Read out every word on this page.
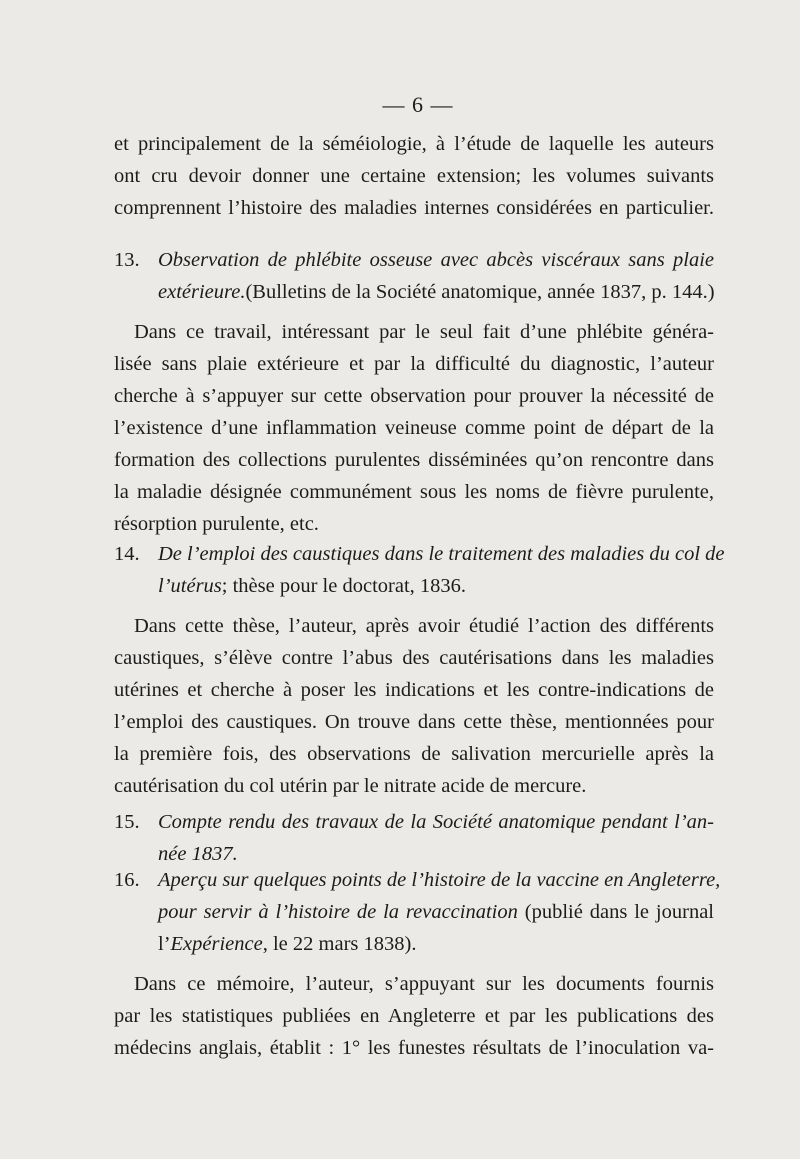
— 6 —
et principalement de la séméiologie, à l’étude de laquelle les auteurs
ont cru devoir donner une certaine extension; les volumes suivants
comprennent l’histoire des maladies internes considérées en particulier.
13. Observation de phlébite osseuse avec abcès viscéraux sans plaie
extérieure.(Bulletins de la Société anatomique, année 1837, p. 144.)
Dans ce travail, intéressant par le seul fait d’une phlébite généra-
lisée sans plaie extérieure et par la difficulté du diagnostic, l’auteur
cherche à s’appuyer sur cette observation pour prouver la nécessité de
l’existence d’une inflammation veineuse comme point de départ de la
formation des collections purulentes disséminées qu’on rencontre dans
la maladie désignée communément sous les noms de fièvre purulente,
résorption purulente, etc.
14. De l’emploi des caustiques dans le traitement des maladies du col de
l’utérus; thèse pour le doctorat, 1836.
Dans cette thèse, l’auteur, après avoir étudié l’action des différents
caustiques, s’élève contre l’abus des cautérisations dans les maladies
utérines et cherche à poser les indications et les contre-indications de
l’emploi des caustiques. On trouve dans cette thèse, mentionnées pour
la première fois, des observations de salivation mercurielle après la
cautérisation du col utérin par le nitrate acide de mercure.
15. Compte rendu des travaux de la Société anatomique pendant l’an-
née 1837.
16. Aperçu sur quelques points de l’histoire de la vaccine en Angleterre,
pour servir à l’histoire de la revaccination (publié dans le journal
l’Expérience, le 22 mars 1838).
Dans ce mémoire, l’auteur, s’appuyant sur les documents fournis
par les statistiques publiées en Angleterre et par les publications des
médecins anglais, établit : 1° les funestes résultats de l’inoculation va-
